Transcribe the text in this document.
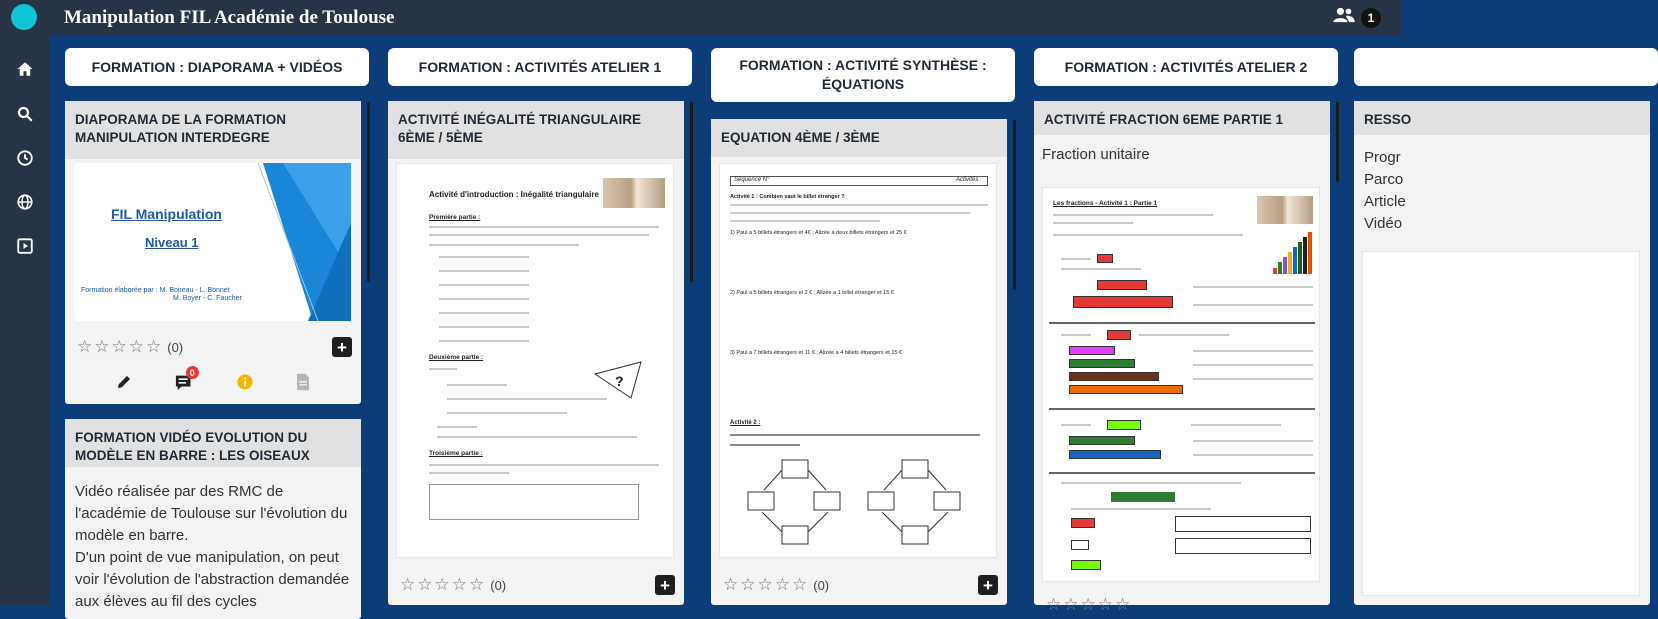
Manipulation FIL Académie de Toulouse	1
FORMATION : DIAPORAMA + VIDÉOS
DIAPORAMA DE LA FORMATION MANIPULATION INTERDEGRE
FIL Manipulation
Niveau 1
Formation élaborée par : M. Boireau - L. Bonnet
M. Boyer - C. Faucher
☆ ☆ ☆ ☆ ☆ (0)	+
0
FORMATION VIDÉO EVOLUTION DU MODÈLE EN BARRE : LES OISEAUX
Vidéo réalisée par des RMC de l'académie de Toulouse sur l'évolution du modèle en barre.
D'un point de vue manipulation, on peut voir l'évolution de l'abstraction demandée aux élèves au fil des cycles
FORMATION : ACTIVITÉS ATELIER 1
ACTIVITÉ INÉGALITÉ TRIANGULAIRE 6ÈME / 5ÈME
Activité d'introduction : Inégalité triangulaire
Première partie :
Deuxième partie :
?
Troisième partie :
☆ ☆ ☆ ☆ ☆ (0)	+
FORMATION : ACTIVITÉ SYNTHÈSE : ÉQUATIONS
EQUATION 4ÈME / 3ÈME
Séquence N°	Activités
Activité 1 : Combien vaut le billet étranger ?
1) Paul a 5 billets étrangers et 4€ ; Alizée a deux billets étrangers et 25 €
2) Paul a 5 billets étrangers et 2 € ; Alizée a 1 billet étranger et 15 €
3) Paul a 7 billets étrangers et 11 € ; Alizée a 4 billets étrangers et 15 €
Activité 2 :
☆ ☆ ☆ ☆ ☆ (0)	+
FORMATION : ACTIVITÉS ATELIER 2
ACTIVITÉ FRACTION 6EME PARTIE 1
Fraction unitaire
Les fractions - Activité 1 : Partie 1
☆ ☆ ☆ ☆ ☆
RESSO
Progr
Parco
Article
Vidéo
